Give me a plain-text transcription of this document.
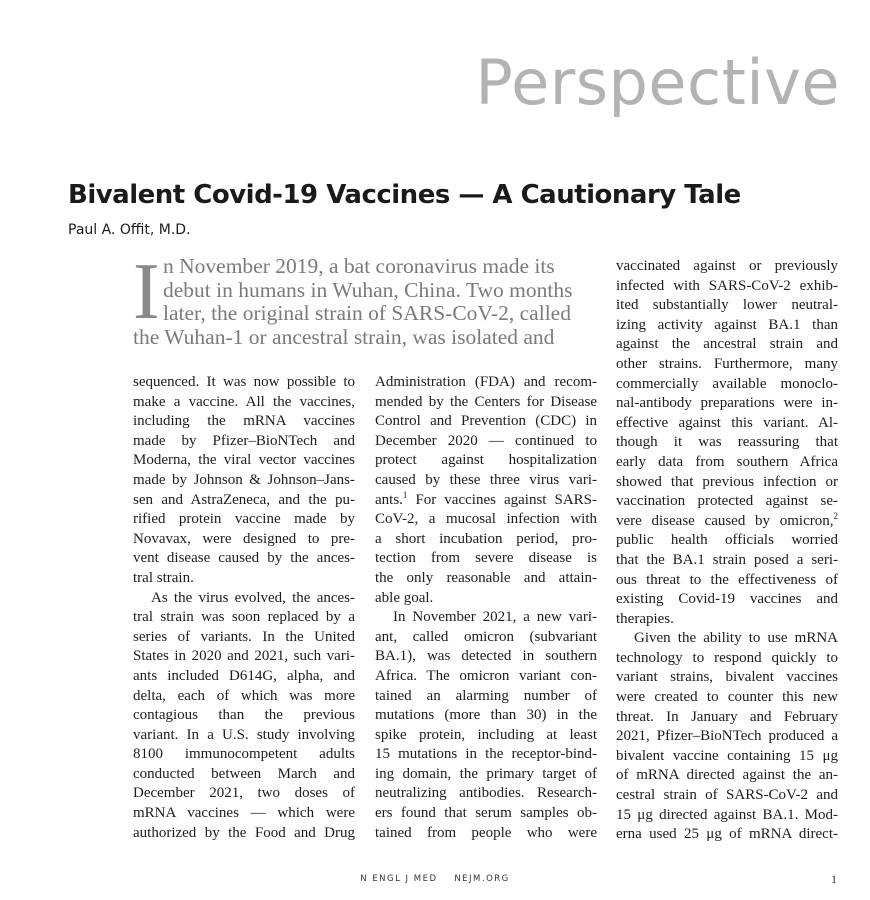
Perspective
Bivalent Covid-19 Vaccines — A Cautionary Tale
Paul A. Offit, M.D.
I n November 2019, a bat coronavirus made its
debut in humans in Wuhan, China. Two months
later, the original strain of SARS-CoV-2, called
the Wuhan-1 or ancestral strain, was isolated and
sequenced. It was now possible to
make a vaccine. All the vaccines,
including the mRNA vaccines
made by Pfizer–BioNTech and
Moderna, the viral vector vaccines
made by Johnson & Johnson–Jans-
sen and AstraZeneca, and the pu-
rified protein vaccine made by
Novavax, were designed to pre-
vent disease caused by the ances-
tral strain.
As the virus evolved, the ances-
tral strain was soon replaced by a
series of variants. In the United
States in 2020 and 2021, such vari-
ants included D614G, alpha, and
delta, each of which was more
contagious than the previous
variant. In a U.S. study involving
8100 immunocompetent adults
conducted between March and
December 2021, two doses of
mRNA vaccines — which were
authorized by the Food and Drug
Administration (FDA) and recom-
mended by the Centers for Disease
Control and Prevention (CDC) in
December 2020 — continued to
protect against hospitalization
caused by these three virus vari-
ants.$^1$ For vaccines against SARS-
CoV-2, a mucosal infection with
a short incubation period, pro-
tection from severe disease is
the only reasonable and attain-
able goal.
In November 2021, a new vari-
ant, called omicron (subvariant
BA.1), was detected in southern
Africa. The omicron variant con-
tained an alarming number of
mutations (more than 30) in the
spike protein, including at least
15 mutations in the receptor-bind-
ing domain, the primary target of
neutralizing antibodies. Research-
ers found that serum samples ob-
tained from people who were
vaccinated against or previously
infected with SARS-CoV-2 exhib-
ited substantially lower neutral-
izing activity against BA.1 than
against the ancestral strain and
other strains. Furthermore, many
commercially available monoclo-
nal-antibody preparations were in-
effective against this variant. Al-
though it was reassuring that
early data from southern Africa
showed that previous infection or
vaccination protected against se-
vere disease caused by omicron,$^2$
public health officials worried
that the BA.1 strain posed a seri-
ous threat to the effectiveness of
existing Covid-19 vaccines and
therapies.
Given the ability to use mRNA
technology to respond quickly to
variant strains, bivalent vaccines
were created to counter this new
threat. In January and February
2021, Pfizer–BioNTech produced a
bivalent vaccine containing 15 μg
of mRNA directed against the an-
cestral strain of SARS-CoV-2 and
15 μg directed against BA.1. Mod-
erna used 25 μg of mRNA direct-
N ENGL J MED NEJM.ORG	1
